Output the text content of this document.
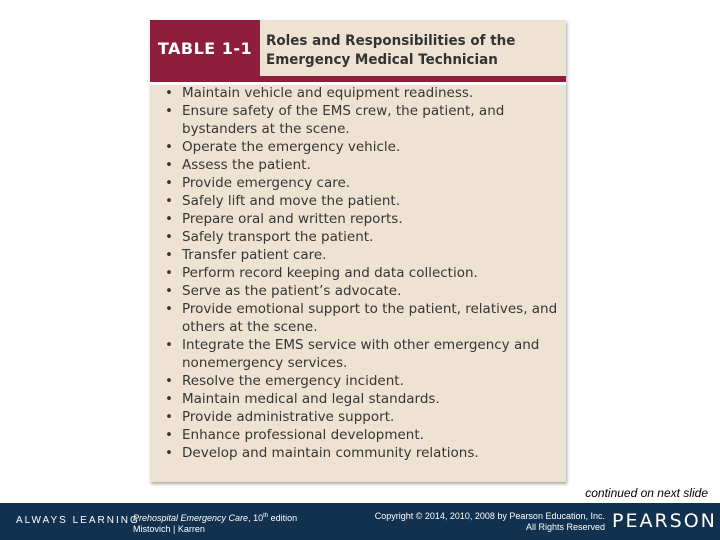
TABLE 1-1 Roles and Responsibilities of the
Emergency Medical Technician
• Maintain vehicle and equipment readiness.
• Ensure safety of the EMS crew, the patient, and
bystanders at the scene.
• Operate the emergency vehicle.
• Assess the patient.
• Provide emergency care.
• Safely lift and move the patient.
• Prepare oral and written reports.
• Safely transport the patient.
• Transfer patient care.
• Perform record keeping and data collection.
• Serve as the patient’s advocate.
• Provide emotional support to the patient, relatives, and
others at the scene.
• Integrate the EMS service with other emergency and
nonemergency services.
• Resolve the emergency incident.
• Maintain medical and legal standards.
• Provide administrative support.
• Enhance professional development.
• Develop and maintain community relations.
continued on next slide
ALWAYS LEARNING
Prehospital Emergency Care, 10th edition
Mistovich | Karren
Copyright © 2014, 2010, 2008 by Pearson Education, Inc.
All Rights Reserved PEARSON
